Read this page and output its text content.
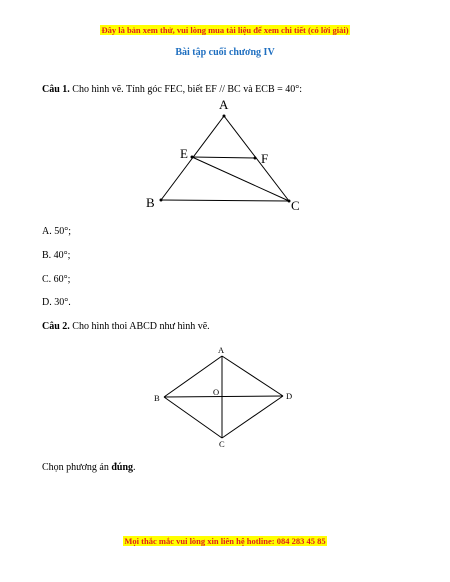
Đây là bản xem thử, vui lòng mua tài liệu để xem chi tiết (có lời giải)
Bài tập cuối chương IV
Câu 1. Cho hình vẽ. Tính góc FEC, biết EF // BC và ECB = 40°:
A
E	F
B	C
A. 50°;
B. 40°;
C. 60°;
D. 30°.
Câu 2. Cho hình thoi ABCD như hình vẽ.
A
B
O	D
C
Chọn phương án đúng.
Mọi thắc mắc vui lòng xin liên hệ hotline: 084 283 45 85
